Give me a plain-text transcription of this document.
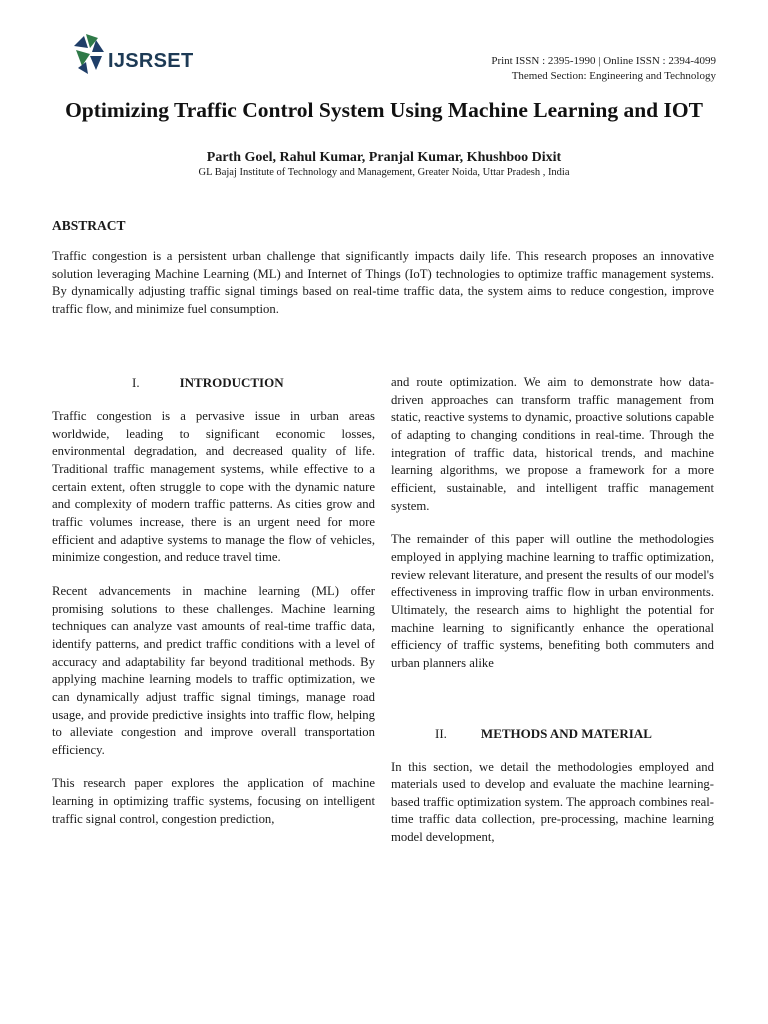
IJSRSET	Print ISSN : 2395-1990 | Online ISSN : 2394-4099
Themed Section: Engineering and Technology
Optimizing Traffic Control System Using Machine Learning and IOT
Parth Goel, Rahul Kumar, Pranjal Kumar, Khushboo Dixit
GL Bajaj Institute of Technology and Management, Greater Noida, Uttar Pradesh , India
ABSTRACT

Traffic congestion is a persistent urban challenge that significantly impacts daily life. This research proposes an innovative solution leveraging Machine Learning (ML) and Internet of Things (IoT) technologies to optimize traffic management systems. By dynamically adjusting traffic signal timings based on real-time traffic data, the system aims to reduce congestion, improve traffic flow, and minimize fuel consumption.

I.	INTRODUCTION

Traffic congestion is a pervasive issue in urban areas worldwide, leading to significant economic losses, environmental degradation, and decreased quality of life. Traditional traffic management systems, while effective to a certain extent, often struggle to cope with the dynamic nature and complexity of modern traffic patterns. As cities grow and traffic volumes increase, there is an urgent need for more efficient and adaptive systems to manage the flow of vehicles, minimize congestion, and reduce travel time.

Recent advancements in machine learning (ML) offer promising solutions to these challenges. Machine learning techniques can analyze vast amounts of real-time traffic data, identify patterns, and predict traffic conditions with a level of accuracy and adaptability far beyond traditional methods. By applying machine learning models to traffic optimization, we can dynamically adjust traffic signal timings, manage road usage, and provide predictive insights into traffic flow, helping to alleviate congestion and improve overall transportation efficiency.

This research paper explores the application of machine learning in optimizing traffic systems, focusing on intelligent traffic signal control, congestion prediction,

and route optimization. We aim to demonstrate how data-driven approaches can transform traffic management from static, reactive systems to dynamic, proactive solutions capable of adapting to changing conditions in real-time. Through the integration of traffic data, historical trends, and machine learning algorithms, we propose a framework for a more efficient, sustainable, and intelligent traffic management system.

The remainder of this paper will outline the methodologies employed in applying machine learning to traffic optimization, review relevant literature, and present the results of our model's effectiveness in improving traffic flow in urban environments. Ultimately, the research aims to highlight the potential for machine learning to significantly enhance the operational efficiency of traffic systems, benefiting both commuters and urban planners alike

II.	METHODS AND MATERIAL

In this section, we detail the methodologies employed and materials used to develop and evaluate the machine learning-based traffic optimization system. The approach combines real-time traffic data collection, pre-processing, machine learning model development,
